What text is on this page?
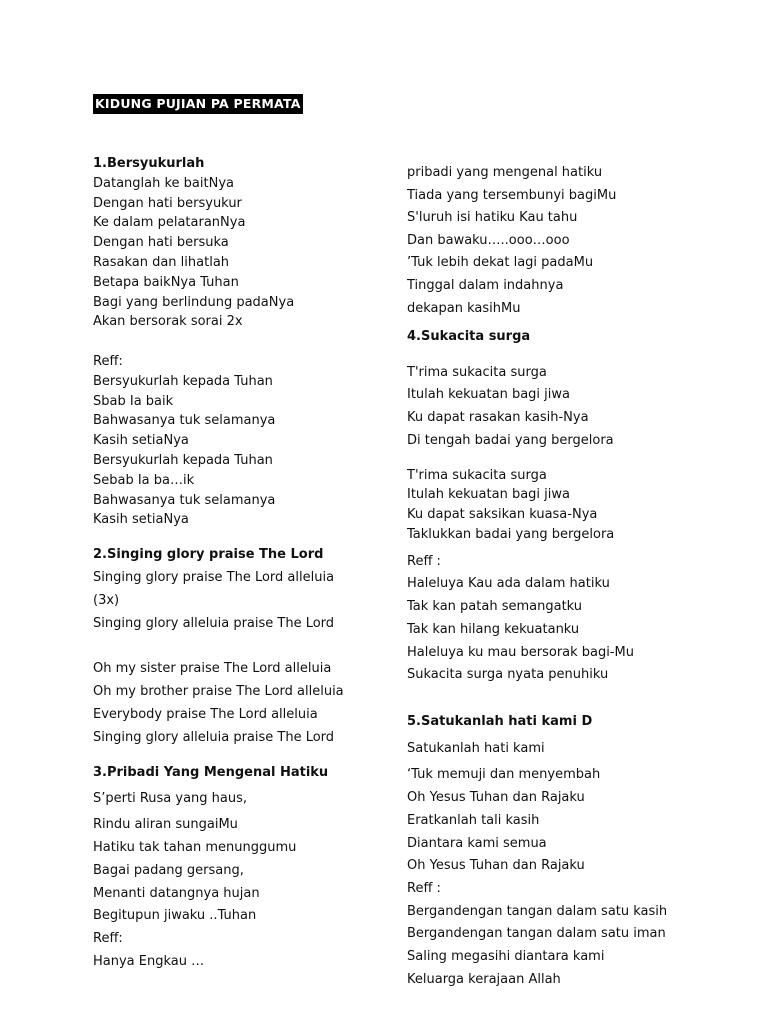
KIDUNG PUJIAN PA PERMATA
1.Bersyukurlah
Datanglah ke baitNya
Dengan hati bersyukur
Ke dalam pelataranNya
Dengan hati bersuka
Rasakan dan lihatlah
Betapa baikNya Tuhan
Bagi yang berlindung padaNya
Akan bersorak sorai 2x
Reff:
Bersyukurlah kepada Tuhan
Sbab Ia baik
Bahwasanya tuk selamanya
Kasih setiaNya
Bersyukurlah kepada Tuhan
Sebab Ia ba…ik
Bahwasanya tuk selamanya
Kasih setiaNya
2.Singing glory praise The Lord
Singing glory praise The Lord alleluia
(3x)
Singing glory alleluia praise The Lord
Oh my sister praise The Lord alleluia
Oh my brother praise The Lord alleluia
Everybody praise The Lord alleluia
Singing glory alleluia praise The Lord
3.Pribadi Yang Mengenal Hatiku
S’perti Rusa yang haus,
Rindu aliran sungaiMu
Hatiku tak tahan menunggumu
Bagai padang gersang,
Menanti datangnya hujan
Begitupun jiwaku ..Tuhan
Reff:
Hanya Engkau …
pribadi yang mengenal hatiku
Tiada yang tersembunyi bagiMu
S'luruh isi hatiku Kau tahu
Dan bawaku…..ooo…ooo
’Tuk lebih dekat lagi padaMu
Tinggal dalam indahnya
dekapan kasihMu
4.Sukacita surga
T'rima sukacita surga
Itulah kekuatan bagi jiwa
Ku dapat rasakan kasih-Nya
Di tengah badai yang bergelora
T'rima sukacita surga
Itulah kekuatan bagi jiwa
Ku dapat saksikan kuasa-Nya
Taklukkan badai yang bergelora
Reff :
Haleluya Kau ada dalam hatiku
Tak kan patah semangatku
Tak kan hilang kekuatanku
Haleluya ku mau bersorak bagi-Mu
Sukacita surga nyata penuhiku
5.Satukanlah hati kami D
Satukanlah hati kami
‘Tuk memuji dan menyembah
Oh Yesus Tuhan dan Rajaku
Eratkanlah tali kasih
Diantara kami semua
Oh Yesus Tuhan dan Rajaku
Reff :
Bergandengan tangan dalam satu kasih
Bergandengan tangan dalam satu iman
Saling megasihi diantara kami
Keluarga kerajaan Allah
